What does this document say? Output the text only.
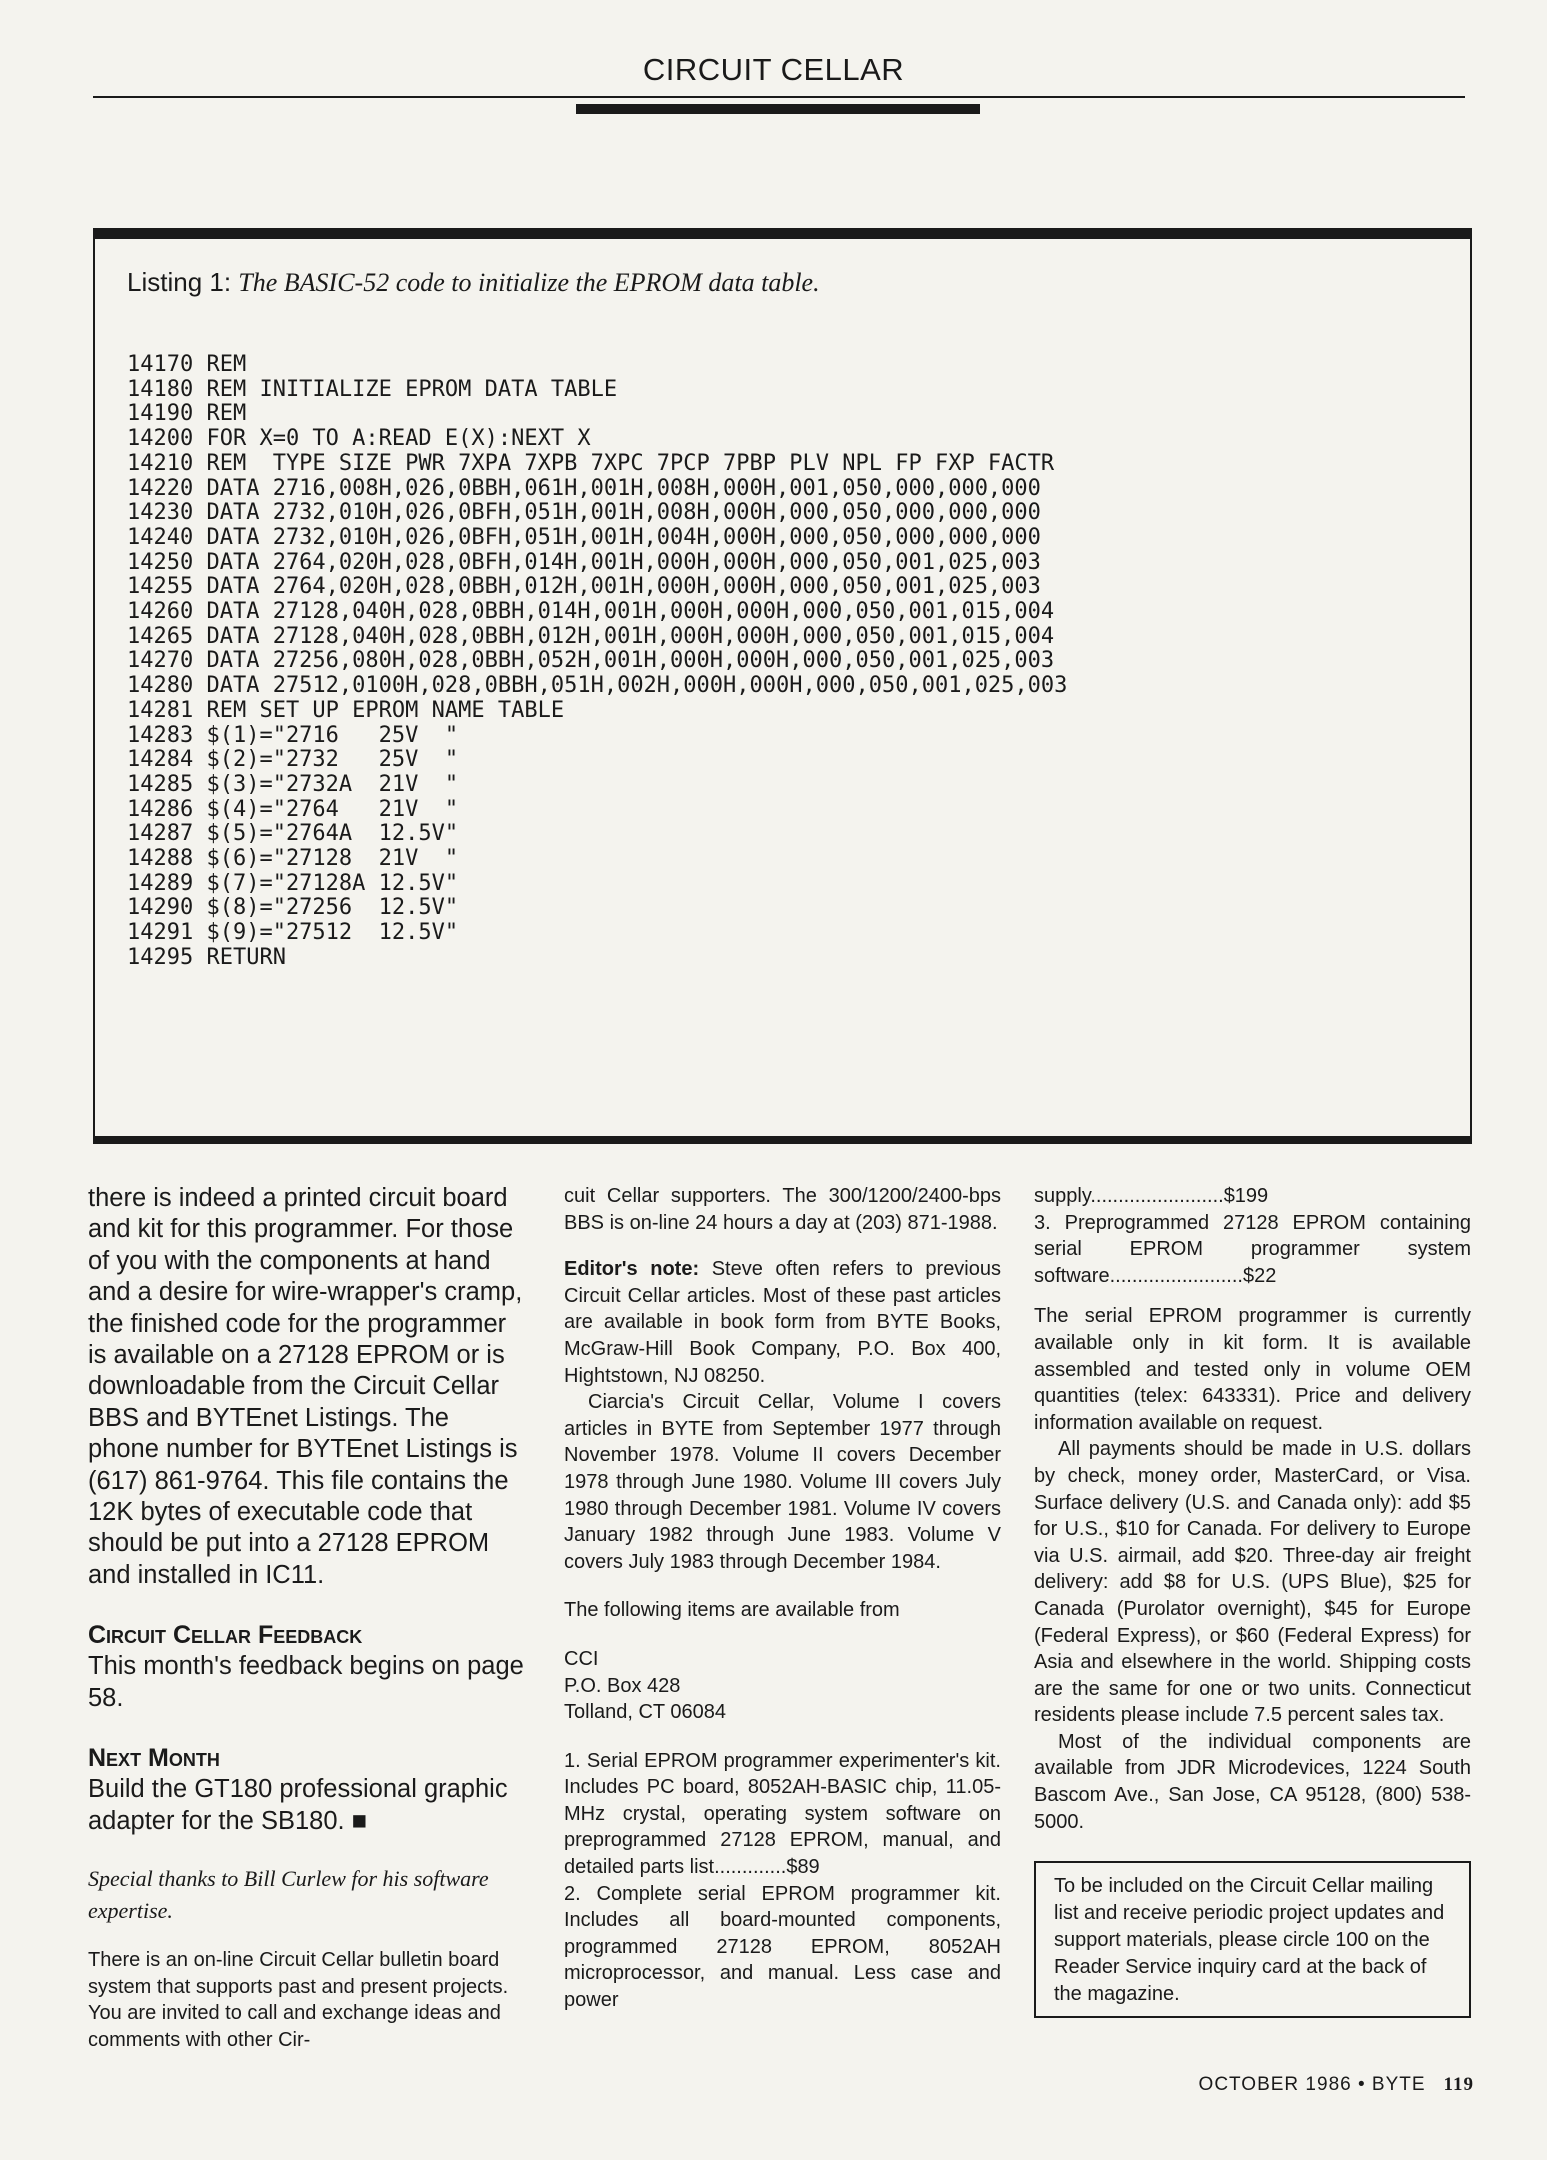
CIRCUIT CELLAR
Listing 1: The BASIC-52 code to initialize the EPROM data table.
14170 REM
14180 REM INITIALIZE EPROM DATA TABLE
14190 REM
14200 FOR X=0 TO A:READ E(X):NEXT X
14210 REM  TYPE SIZE PWR 7XPA 7XPB 7XPC 7PCP 7PBP PLV NPL FP FXP FACTR
14220 DATA 2716,008H,026,0BBH,061H,001H,008H,000H,001,050,000,000,000
14230 DATA 2732,010H,026,0BFH,051H,001H,008H,000H,000,050,000,000,000
14240 DATA 2732,010H,026,0BFH,051H,001H,004H,000H,000,050,000,000,000
14250 DATA 2764,020H,028,0BFH,014H,001H,000H,000H,000,050,001,025,003
14255 DATA 2764,020H,028,0BBH,012H,001H,000H,000H,000,050,001,025,003
14260 DATA 27128,040H,028,0BBH,014H,001H,000H,000H,000,050,001,015,004
14265 DATA 27128,040H,028,0BBH,012H,001H,000H,000H,000,050,001,015,004
14270 DATA 27256,080H,028,0BBH,052H,001H,000H,000H,000,050,001,025,003
14280 DATA 27512,0100H,028,0BBH,051H,002H,000H,000H,000,050,001,025,003
14281 REM SET UP EPROM NAME TABLE
14283 $(1)="2716   25V  "
14284 $(2)="2732   25V  "
14285 $(3)="2732A  21V  "
14286 $(4)="2764   21V  "
14287 $(5)="2764A  12.5V"
14288 $(6)="27128  21V  "
14289 $(7)="27128A 12.5V"
14290 $(8)="27256  12.5V"
14291 $(9)="27512  12.5V"
14295 RETURN

there is indeed a printed circuit board and kit for this programmer. For those of you with the components at hand and a desire for wire-wrapper's cramp, the finished code for the programmer is available on a 27128 EPROM or is downloadable from the Circuit Cellar BBS and BYTEnet Listings. The phone number for BYTEnet Listings is (617) 861-9764. This file contains the 12K bytes of executable code that should be put into a 27128 EPROM and installed in IC11.

Circuit Cellar Feedback

This month's feedback begins on page 58.

Next Month

Build the GT180 professional graphic adapter for the SB180. ■

Special thanks to Bill Curlew for his software expertise.

There is an on-line Circuit Cellar bulletin board system that supports past and present projects. You are invited to call and exchange ideas and comments with other Cir-

cuit Cellar supporters. The 300/1200/2400-bps BBS is on-line 24 hours a day at (203) 871-1988.

Editor's note: Steve often refers to previous Circuit Cellar articles. Most of these past articles are available in book form from BYTE Books, McGraw-Hill Book Company, P.O. Box 400, Hightstown, NJ 08250.

Ciarcia's Circuit Cellar, Volume I covers articles in BYTE from September 1977 through November 1978. Volume II covers December 1978 through June 1980. Volume III covers July 1980 through December 1981. Volume IV covers January 1982 through June 1983. Volume V covers July 1983 through December 1984.

The following items are available from

CCI
P.O. Box 428
Tolland, CT 06084

1. Serial EPROM programmer experimenter's kit. Includes PC board, 8052AH-BASIC chip, 11.05-MHz crystal, operating system software on preprogrammed 27128 EPROM, manual, and detailed parts list.............$89

2. Complete serial EPROM programmer kit. Includes all board-mounted components, programmed 27128 EPROM, 8052AH microprocessor, and manual. Less case and power

supply........................$199

3. Preprogrammed 27128 EPROM containing serial EPROM programmer system software........................$22

The serial EPROM programmer is currently available only in kit form. It is available assembled and tested only in volume OEM quantities (telex: 643331). Price and delivery information available on request.

All payments should be made in U.S. dollars by check, money order, MasterCard, or Visa. Surface delivery (U.S. and Canada only): add $5 for U.S., $10 for Canada. For delivery to Europe via U.S. airmail, add $20. Three-day air freight delivery: add $8 for U.S. (UPS Blue), $25 for Canada (Purolator overnight), $45 for Europe (Federal Express), or $60 (Federal Express) for Asia and elsewhere in the world. Shipping costs are the same for one or two units. Connecticut residents please include 7.5 percent sales tax.

Most of the individual components are available from JDR Microdevices, 1224 South Bascom Ave., San Jose, CA 95128, (800) 538-5000.

To be included on the Circuit Cellar mailing list and receive periodic project updates and support materials, please circle 100 on the Reader Service inquiry card at the back of the magazine.
OCTOBER 1986 • BYTE 119
